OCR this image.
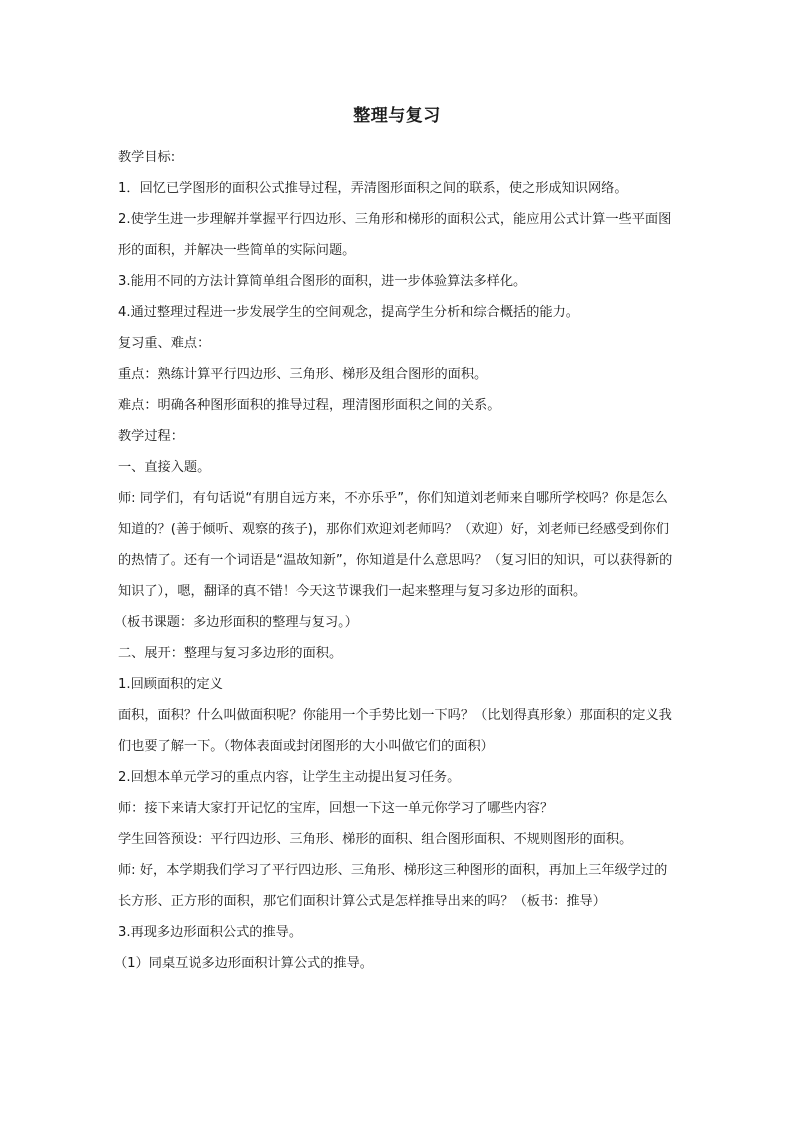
整理与复习

教学目标:

1．回忆已学图形的面积公式推导过程，弄清图形面积之间的联系，使之形成知识网络。

2.使学生进一步理解并掌握平行四边形、三角形和梯形的面积公式，能应用公式计算一些平面图形的面积，并解决一些简单的实际问题。

3.能用不同的方法计算简单组合图形的面积，进一步体验算法多样化。

4.通过整理过程进一步发展学生的空间观念，提高学生分析和综合概括的能力。

复习重、难点：

重点：熟练计算平行四边形、三角形、梯形及组合图形的面积。

难点：明确各种图形面积的推导过程，理清图形面积之间的关系。

教学过程：

一、直接入题。

师: 同学们，有句话说“有朋自远方来，不亦乐乎”，你们知道刘老师来自哪所学校吗？你是怎么知道的？(善于倾听、观察的孩子)，那你们欢迎刘老师吗？（欢迎）好，刘老师已经感受到你们的热情了。还有一个词语是“温故知新”，你知道是什么意思吗？（复习旧的知识，可以获得新的知识了），嗯，翻译的真不错！今天这节课我们一起来整理与复习多边形的面积。

（板书课题：多边形面积的整理与复习。）

二、展开：整理与复习多边形的面积。

1.回顾面积的定义

面积，面积？什么叫做面积呢？你能用一个手势比划一下吗？（比划得真形象）那面积的定义我们也要了解一下。（物体表面或封闭图形的大小叫做它们的面积）

2.回想本单元学习的重点内容，让学生主动提出复习任务。

师：接下来请大家打开记忆的宝库，回想一下这一单元你学习了哪些内容？

学生回答预设：平行四边形、三角形、梯形的面积、组合图形面积、不规则图形的面积。

师: 好，本学期我们学习了平行四边形、三角形、梯形这三种图形的面积，再加上三年级学过的长方形、正方形的面积，那它们面积计算公式是怎样推导出来的吗？（板书：推导）

3.再现多边形面积公式的推导。

（1）同桌互说多边形面积计算公式的推导。
